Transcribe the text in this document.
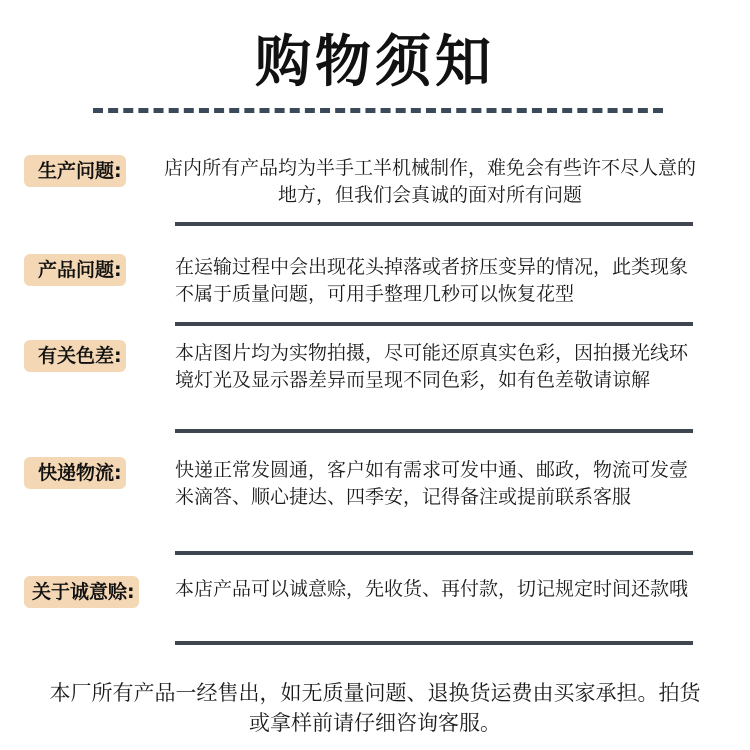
购物须知
生产问题: 店内所有产品均为半手工半机械制作，难免会有些许不尽人意的地方，但我们会真诚的面对所有问题
产品问题:	在运输过程中会出现花头掉落或者挤压变异的情况，此类现象不属于质量问题，可用手整理几秒可以恢复花型
有关色差:	本店图片均为实物拍摄，尽可能还原真实色彩，因拍摄光线环境灯光及显示器差异而呈现不同色彩，如有色差敬请谅解
快递物流:	快递正常发圆通，客户如有需求可发中通、邮政，物流可发壹米滴答、顺心捷达、四季安，记得备注或提前联系客服
关于诚意赊: 本店产品可以诚意赊，先收货、再付款，切记规定时间还款哦
本厂所有产品一经售出，如无质量问题、退换货运费由买家承担。拍货或拿样前请仔细咨询客服。
